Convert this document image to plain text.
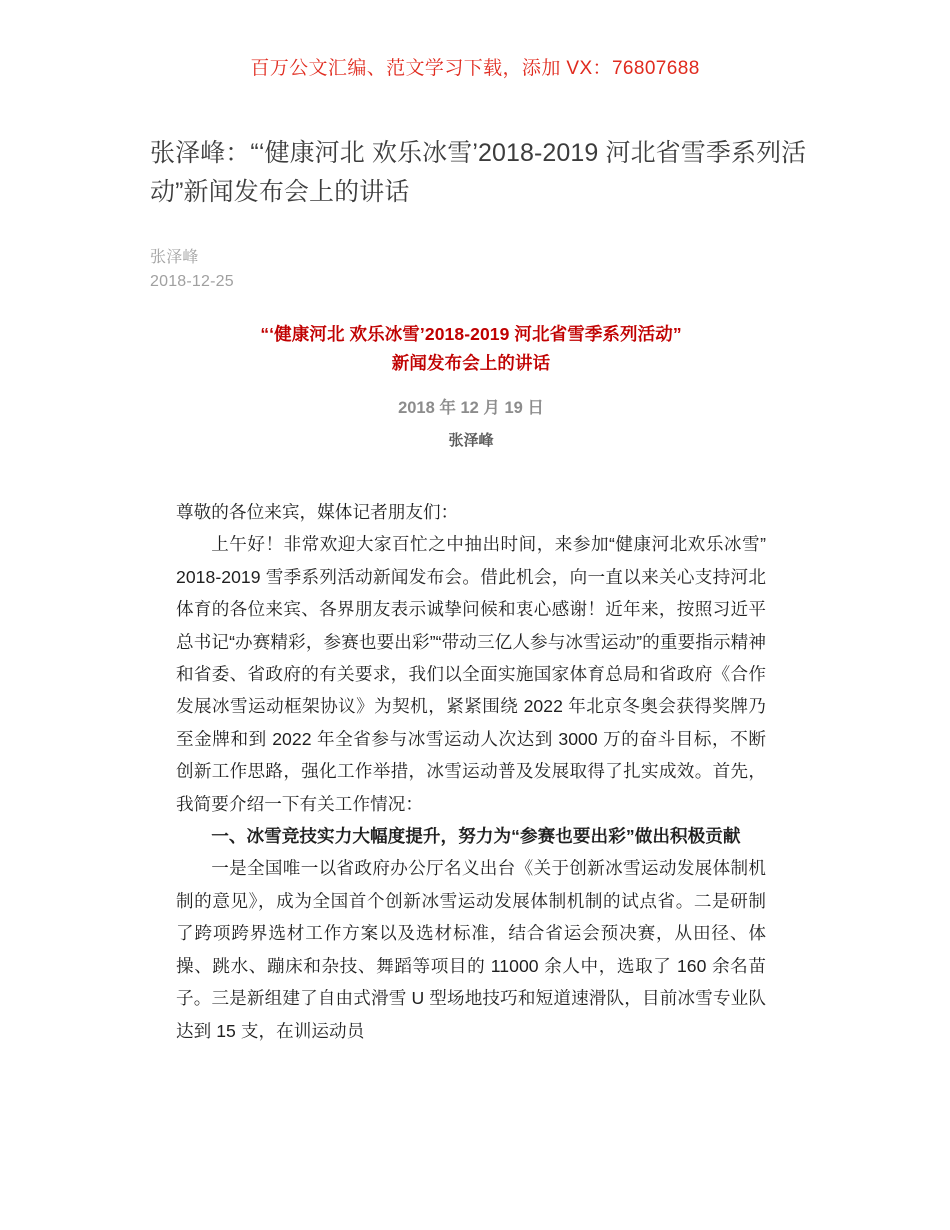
百万公文汇编、范文学习下载，添加 VX：76807688
张泽峰：“‘健康河北 欢乐冰雪’2018-2019 河北省雪季系列活动”新闻发布会上的讲话
张泽峰
2018-12-25
“‘健康河北 欢乐冰雪’2018-2019 河北省雪季系列活动”
新闻发布会上的讲话
2018 年 12 月 19 日
张泽峰

尊敬的各位来宾，媒体记者朋友们：

上午好！非常欢迎大家百忙之中抽出时间，来参加“健康河北欢乐冰雪”2018-2019 雪季系列活动新闻发布会。借此机会，向一直以来关心支持河北体育的各位来宾、各界朋友表示诚挚问候和衷心感谢！近年来，按照习近平总书记“办赛精彩，参赛也要出彩”“带动三亿人参与冰雪运动”的重要指示精神和省委、省政府的有关要求，我们以全面实施国家体育总局和省政府《合作发展冰雪运动框架协议》为契机，紧紧围绕 2022 年北京冬奥会获得奖牌乃至金牌和到 2022 年全省参与冰雪运动人次达到 3000 万的奋斗目标，不断创新工作思路，强化工作举措，冰雪运动普及发展取得了扎实成效。首先，我简要介绍一下有关工作情况：

一、冰雪竞技实力大幅度提升，努力为“参赛也要出彩”做出积极贡献

一是全国唯一以省政府办公厅名义出台《关于创新冰雪运动发展体制机制的意见》，成为全国首个创新冰雪运动发展体制机制的试点省。二是研制了跨项跨界选材工作方案以及选材标准，结合省运会预决赛，从田径、体操、跳水、蹦床和杂技、舞蹈等项目的 11000 余人中，选取了 160 余名苗子。三是新组建了自由式滑雪 U 型场地技巧和短道速滑队，目前冰雪专业队达到 15 支，在训运动员
